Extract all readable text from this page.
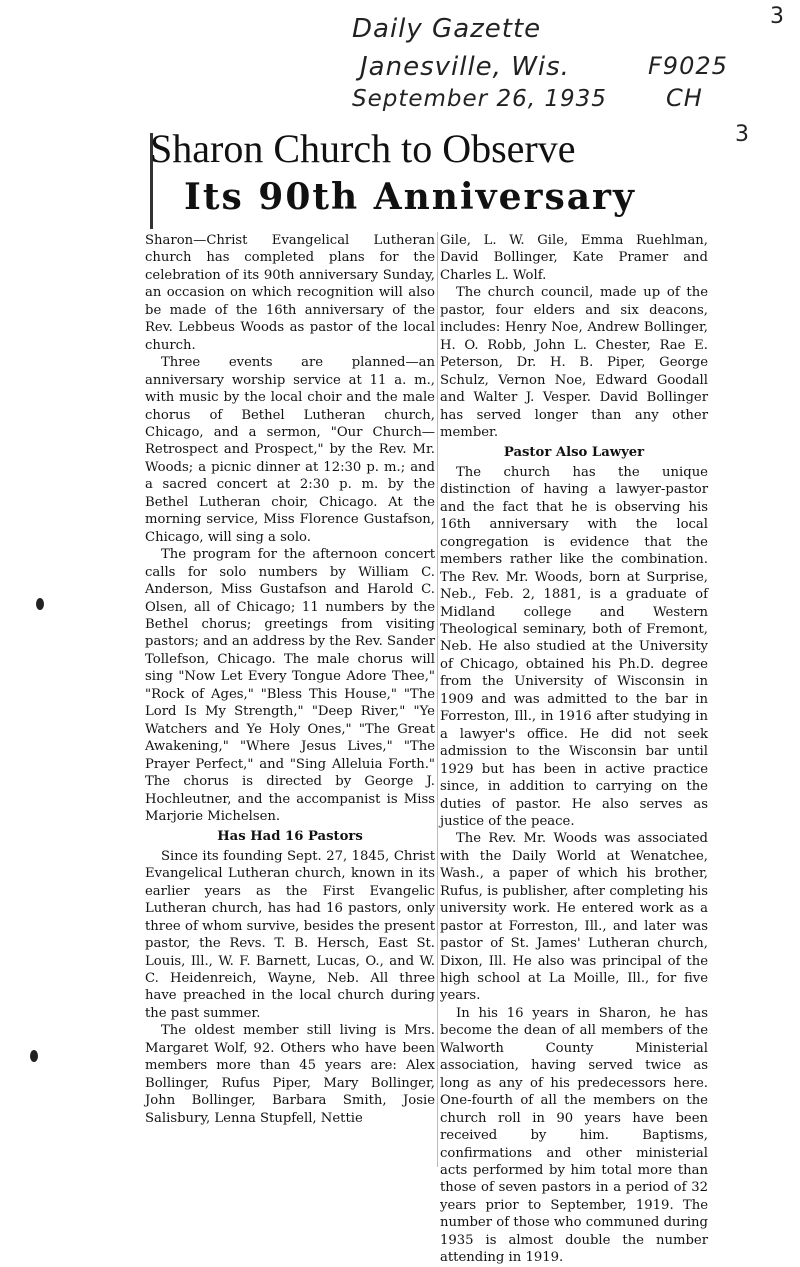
Daily Gazette
Janesville, Wis.
September 26, 1935
F9025
CH
3
3
Sharon Church to Observe
Its 90th Anniversary

Sharon—Christ Evangelical Lutheran church has completed plans for the celebration of its 90th anniversary Sunday, an occasion on which recognition will also be made of the 16th anniversary of the Rev. Lebbeus Woods as pastor of the local church.

Three events are planned—an anniversary worship service at 11 a. m., with music by the local choir and the male chorus of Bethel Lutheran church, Chicago, and a sermon, "Our Church—Retrospect and Prospect," by the Rev. Mr. Woods; a picnic dinner at 12:30 p. m.; and a sacred concert at 2:30 p. m. by the Bethel Lutheran choir, Chicago. At the morning service, Miss Florence Gustafson, Chicago, will sing a solo.

The program for the afternoon concert calls for solo numbers by William C. Anderson, Miss Gustafson and Harold C. Olsen, all of Chicago; 11 numbers by the Bethel chorus; greetings from visiting pastors; and an address by the Rev. Sander Tollefson, Chicago. The male chorus will sing "Now Let Every Tongue Adore Thee," "Rock of Ages," "Bless This House," "The Lord Is My Strength," "Deep River," "Ye Watchers and Ye Holy Ones," "The Great Awakening," "Where Jesus Lives," "The Prayer Perfect," and "Sing Alleluia Forth." The chorus is directed by George J. Hochleutner, and the accompanist is Miss Marjorie Michelsen.

Has Had 16 Pastors

Since its founding Sept. 27, 1845, Christ Evangelical Lutheran church, known in its earlier years as the First Evangelic Lutheran church, has had 16 pastors, only three of whom survive, besides the present pastor, the Revs. T. B. Hersch, East St. Louis, Ill., W. F. Barnett, Lucas, O., and W. C. Heidenreich, Wayne, Neb. All three have preached in the local church during the past summer.

The oldest member still living is Mrs. Margaret Wolf, 92. Others who have been members more than 45 years are: Alex Bollinger, Rufus Piper, Mary Bollinger, John Bollinger, Barbara Smith, Josie Salisbury, Lenna Stupfell, Nettie

Gile, L. W. Gile, Emma Ruehlman, David Bollinger, Kate Pramer and Charles L. Wolf.

The church council, made up of the pastor, four elders and six deacons, includes: Henry Noe, Andrew Bollinger, H. O. Robb, John L. Chester, Rae E. Peterson, Dr. H. B. Piper, George Schulz, Vernon Noe, Edward Goodall and Walter J. Vesper. David Bollinger has served longer than any other member.

Pastor Also Lawyer

The church has the unique distinction of having a lawyer-pastor and the fact that he is observing his 16th anniversary with the local congregation is evidence that the members rather like the combination. The Rev. Mr. Woods, born at Surprise, Neb., Feb. 2, 1881, is a graduate of Midland college and Western Theological seminary, both of Fremont, Neb. He also studied at the University of Chicago, obtained his Ph.D. degree from the University of Wisconsin in 1909 and was admitted to the bar in Forreston, Ill., in 1916 after studying in a lawyer's office. He did not seek admission to the Wisconsin bar until 1929 but has been in active practice since, in addition to carrying on the duties of pastor. He also serves as justice of the peace.

The Rev. Mr. Woods was associated with the Daily World at Wenatchee, Wash., a paper of which his brother, Rufus, is publisher, after completing his university work. He entered work as a pastor at Forreston, Ill., and later was pastor of St. James' Lutheran church, Dixon, Ill. He also was principal of the high school at La Moille, Ill., for five years.

In his 16 years in Sharon, he has become the dean of all members of the Walworth County Ministerial association, having served twice as long as any of his predecessors here. One-fourth of all the members on the church roll in 90 years have been received by him. Baptisms, confirmations and other ministerial acts performed by him total more than those of seven pastors in a period of 32 years prior to September, 1919. The number of those who communed during 1935 is almost double the number attending in 1919.
